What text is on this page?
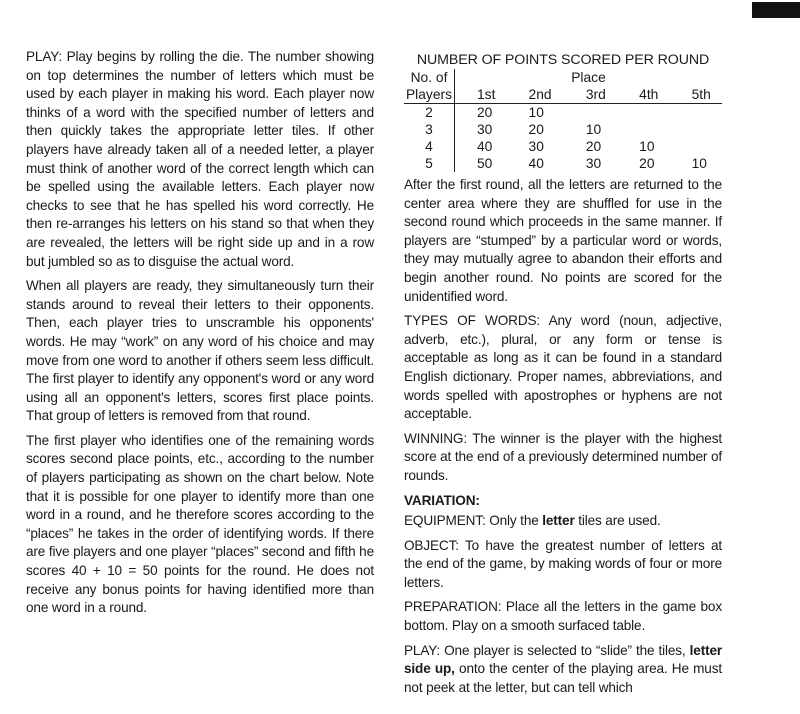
PLAY: Play begins by rolling the die. The number showing on top determines the number of letters which must be used by each player in making his word. Each player now thinks of a word with the specified number of letters and then quickly takes the appropriate letter tiles. If other players have already taken all of a needed letter, a player must think of another word of the correct length which can be spelled using the available letters. Each player now checks to see that he has spelled his word correctly. He then re-arranges his letters on his stand so that when they are revealed, the letters will be right side up and in a row but jumbled so as to disguise the actual word.

When all players are ready, they simultaneously turn their stands around to reveal their letters to their opponents. Then, each player tries to unscramble his opponents' words. He may “work” on any word of his choice and may move from one word to another if others seem less difficult. The first player to identify any opponent's word or any word using all an opponent's letters, scores first place points. That group of letters is removed from that round.

The first player who identifies one of the remaining words scores second place points, etc., according to the number of players participating as shown on the chart below. Note that it is possible for one player to identify more than one word in a round, and he therefore scores according to the “places” he takes in the order of identifying words. If there are five players and one player “places” second and fifth he scores 40 + 10 = 50 points for the round. He does not receive any bonus points for having identified more than one word in a round.

NUMBER OF POINTS SCORED PER ROUND
No. of	Place				
Players	1st	2nd	3rd	4th	5th
2	20	10			
3	30	20	10		
4	40	30	20	10	
5	50	40	30	20	10

After the first round, all the letters are returned to the center area where they are shuffled for use in the second round which proceeds in the same manner. If players are “stumped” by a particular word or words, they may mutually agree to abandon their efforts and begin another round. No points are scored for the unidentified word.

TYPES OF WORDS: Any word (noun, adjective, adverb, etc.), plural, or any form or tense is acceptable as long as it can be found in a standard English dictionary. Proper names, abbreviations, and words spelled with apostrophes or hyphens are not acceptable.

WINNING: The winner is the player with the highest score at the end of a previously determined number of rounds.

VARIATION:

EQUIPMENT: Only the letter tiles are used.

OBJECT: To have the greatest number of letters at the end of the game, by making words of four or more letters.

PREPARATION: Place all the letters in the game box bottom. Play on a smooth surfaced table.

PLAY: One player is selected to “slide” the tiles, letter side up, onto the center of the playing area. He must not peek at the letter, but can tell which
